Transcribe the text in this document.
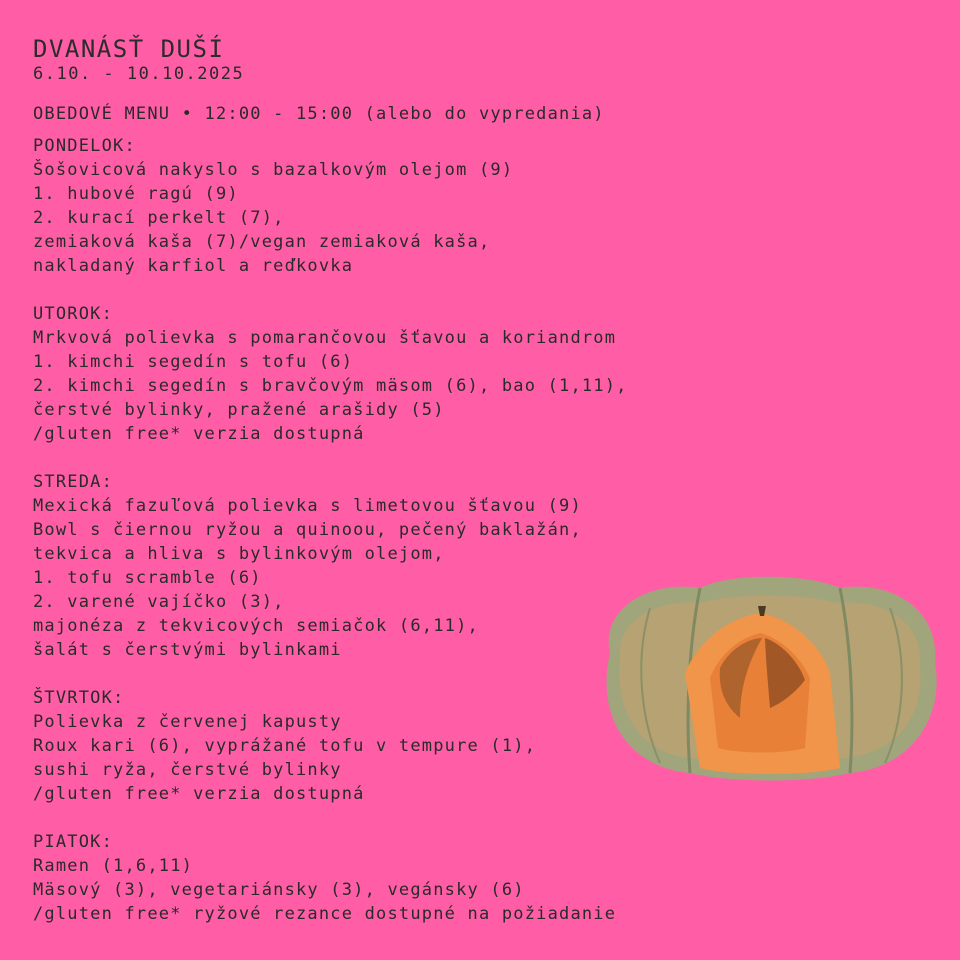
DVANÁSŤ DUŠÍ
6.10. - 10.10.2025
OBEDOVÉ MENU • 12:00 - 15:00 (alebo do vypredania)
PONDELOK:
Šošovicová nakyslo s bazalkovým olejom (9)
1. hubové ragú (9)
2. kurací perkelt (7),
zemiaková kaša (7)/vegan zemiaková kaša,
nakladaný karfiol a reďkovka
UTOROK:
Mrkvová polievka s pomarančovou šťavou a koriandrom
1. kimchi segedín s tofu (6)
2. kimchi segedín s bravčovým mäsom (6), bao (1,11),
čerstvé bylinky, pražené arašidy (5)
/gluten free* verzia dostupná
STREDA:
Mexická fazuľová polievka s limetovou šťavou (9)
Bowl s čiernou ryžou a quinoou, pečený baklažán,
tekvica a hliva s bylinkovým olejom,
1. tofu scramble (6)
2. varené vajíčko (3),
majonéza z tekvicových semiačok (6,11),
šalát s čerstvými bylinkami
ŠTVRTOK:
Polievka z červenej kapusty
Roux kari (6), vyprážané tofu v tempure (1),
sushi ryža, čerstvé bylinky
/gluten free* verzia dostupná
PIATOK:
Ramen (1,6,11)
Mäsový (3), vegetariánsky (3), vegánsky (6)
/gluten free* ryžové rezance dostupné na požiadanie
